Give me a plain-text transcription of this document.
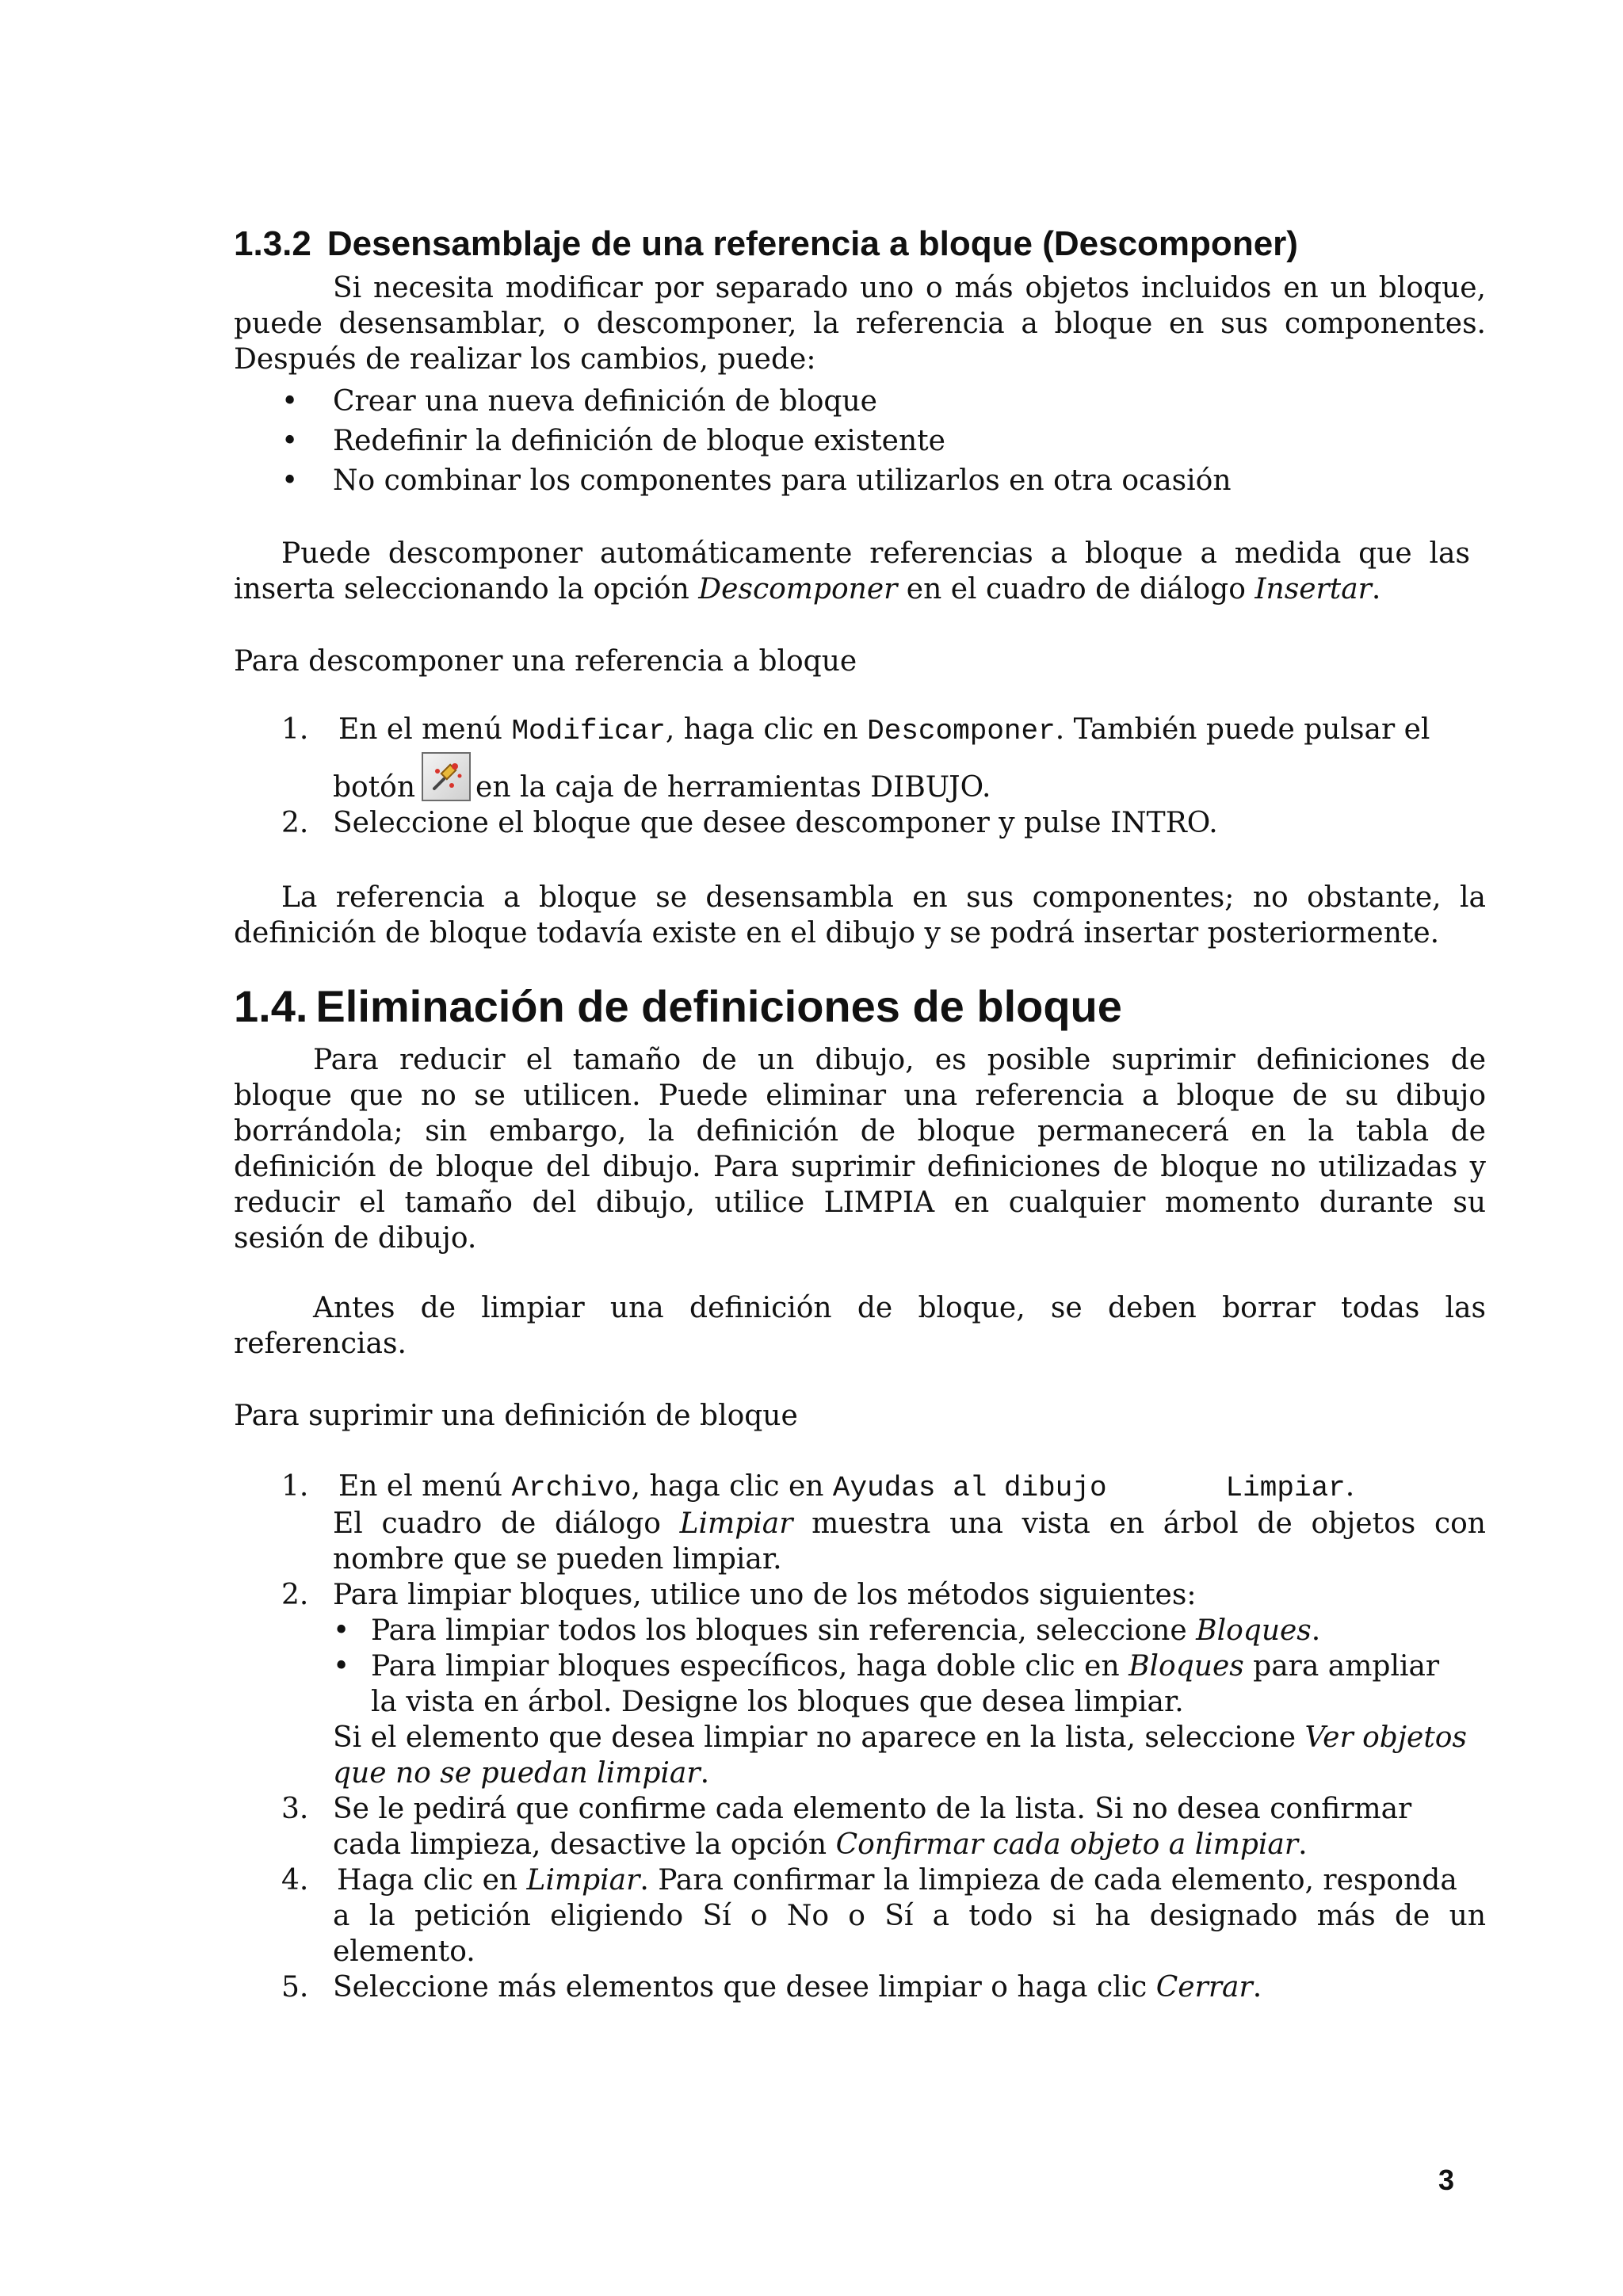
1.3.2 Desensamblaje de una referencia a bloque (Descomponer)

Si necesita modificar por separado uno o más objetos incluidos en un bloque,

puede desensamblar, o descomponer, la referencia a bloque en sus componentes.

Después de realizar los cambios, puede:

• Crear una nueva definición de bloque
• Redefinir la definición de bloque existente
• No combinar los componentes para utilizarlos en otra ocasión

Puede descomponer automáticamente referencias a bloque a medida que las

inserta seleccionando la opción Descomponer en el cuadro de diálogo Insertar.

Para descomponer una referencia a bloque

1. En el menú Modificar, haga clic en Descomponer. También puede pulsar el
botón en la caja de herramientas DIBUJO.
2. Seleccione el bloque que desee descomponer y pulse INTRO.

La referencia a bloque se desensambla en sus componentes; no obstante, la

definición de bloque todavía existe en el dibujo y se podrá insertar posteriormente.

1.4. Eliminación de definiciones de bloque

Para reducir el tamaño de un dibujo, es posible suprimir definiciones de

bloque que no se utilicen. Puede eliminar una referencia a bloque de su dibujo

borrándola; sin embargo, la definición de bloque permanecerá en la tabla de

definición de bloque del dibujo. Para suprimir definiciones de bloque no utilizadas y

reducir el tamaño del dibujo, utilice LIMPIA en cualquier momento durante su

sesión de dibujo.

Antes de limpiar una definición de bloque, se deben borrar todas las

referencias.

Para suprimir una definición de bloque

1. En el menú Archivo, haga clic en Ayudas al dibujo	Limpiar.
El cuadro de diálogo Limpiar muestra una vista en árbol de objetos con
nombre que se pueden limpiar.
2. Para limpiar bloques, utilice uno de los métodos siguientes:
• Para limpiar todos los bloques sin referencia, seleccione Bloques.
• Para limpiar bloques específicos, haga doble clic en Bloques para ampliar
la vista en árbol. Designe los bloques que desea limpiar.
Si el elemento que desea limpiar no aparece en la lista, seleccione Ver objetos
que no se puedan limpiar.
3. Se le pedirá que confirme cada elemento de la lista. Si no desea confirmar
cada limpieza, desactive la opción Confirmar cada objeto a limpiar.
4. Haga clic en Limpiar. Para confirmar la limpieza de cada elemento, responda
a la petición eligiendo Sí o No o Sí a todo si ha designado más de un
elemento.
5. Seleccione más elementos que desee limpiar o haga clic Cerrar.
3
